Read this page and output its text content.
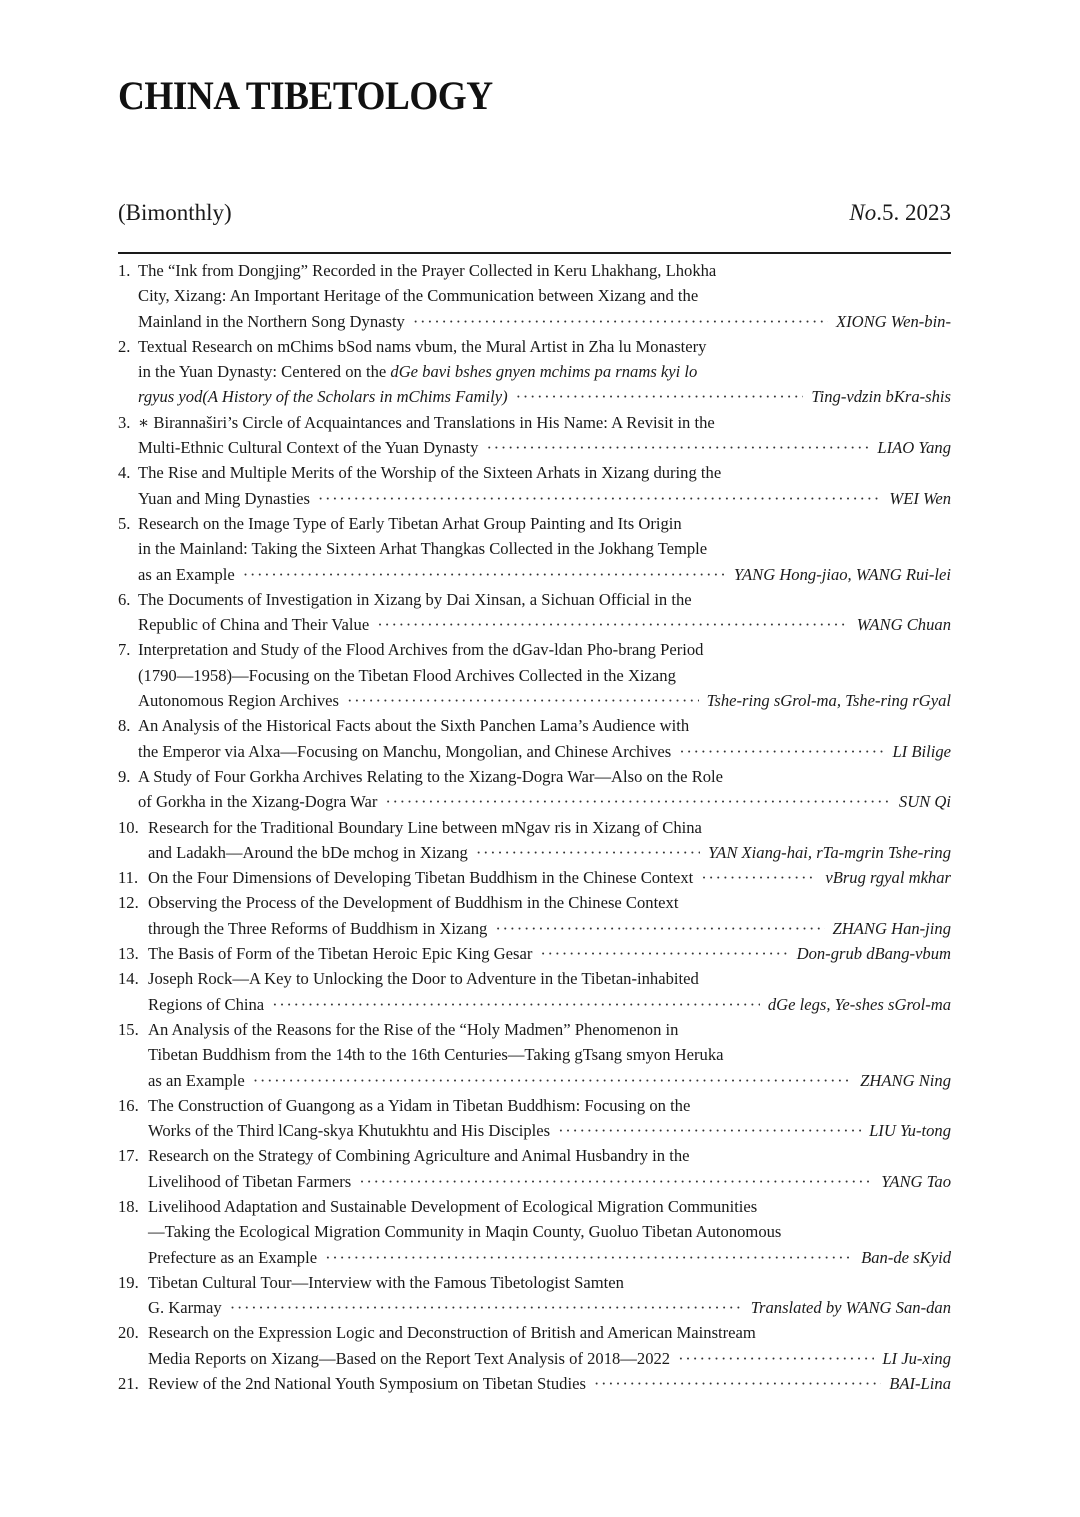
CHINA TIBETOLOGY
(Bimonthly)	No.5. 2023
1. The “Ink from Dongjing” Recorded in the Prayer Collected in Keru Lhakhang, Lhokha
City, Xizang: An Important Heritage of the Communication between Xizang and the
Mainland in the Northern Song Dynasty ·····	XIONG Wen-bin-
2. Textual Research on mChims bSod nams vbum, the Mural Artist in Zha lu Monastery
in the Yuan Dynasty: Centered on the dGe bavi bshes gnyen mchims pa rnams kyi lo
rgyus yod(A History of the Scholars in mChims Family) ·····	Ting-vdzin bKra-shis
3. ∗ Birannaširi’s Circle of Acquaintances and Translations in His Name: A Revisit in the
Multi-Ethnic Cultural Context of the Yuan Dynasty ·····	LIAO Yang
4. The Rise and Multiple Merits of the Worship of the Sixteen Arhats in Xizang during the
Yuan and Ming Dynasties ·····	WEI Wen
5. Research on the Image Type of Early Tibetan Arhat Group Painting and Its Origin
in the Mainland: Taking the Sixteen Arhat Thangkas Collected in the Jokhang Temple
as an Example ·····	YANG Hong-jiao, WANG Rui-lei
6. The Documents of Investigation in Xizang by Dai Xinsan, a Sichuan Official in the
Republic of China and Their Value ·····	WANG Chuan
7. Interpretation and Study of the Flood Archives from the dGav-ldan Pho-brang Period
(1790—1958)—Focusing on the Tibetan Flood Archives Collected in the Xizang
Autonomous Region Archives ·····	Tshe-ring sGrol-ma, Tshe-ring rGyal
8. An Analysis of the Historical Facts about the Sixth Panchen Lama’s Audience with
the Emperor via Alxa—Focusing on Manchu, Mongolian, and Chinese Archives ·····	LI Bilige
9. A Study of Four Gorkha Archives Relating to the Xizang-Dogra War—Also on the Role
of Gorkha in the Xizang-Dogra War ·····	SUN Qi
10. Research for the Traditional Boundary Line between mNgav ris in Xizang of China
and Ladakh—Around the bDe mchog in Xizang ·····	YAN Xiang-hai, rTa-mgrin Tshe-ring
11. On the Four Dimensions of Developing Tibetan Buddhism in the Chinese Context ·····	vBrug rgyal mkhar
12. Observing the Process of the Development of Buddhism in the Chinese Context
through the Three Reforms of Buddhism in Xizang ·····	ZHANG Han-jing
13. The Basis of Form of the Tibetan Heroic Epic King Gesar ·····	Don-grub dBang-vbum
14. Joseph Rock—A Key to Unlocking the Door to Adventure in the Tibetan-inhabited
Regions of China ·····	dGe legs, Ye-shes sGrol-ma
15. An Analysis of the Reasons for the Rise of the “Holy Madmen” Phenomenon in
Tibetan Buddhism from the 14th to the 16th Centuries—Taking gTsang smyon Heruka
as an Example ·····	ZHANG Ning
16. The Construction of Guangong as a Yidam in Tibetan Buddhism: Focusing on the
Works of the Third lCang-skya Khutukhtu and His Disciples ·····	LIU Yu-tong
17. Research on the Strategy of Combining Agriculture and Animal Husbandry in the
Livelihood of Tibetan Farmers ·····	YANG Tao
18. Livelihood Adaptation and Sustainable Development of Ecological Migration Communities
—Taking the Ecological Migration Community in Maqin County, Guoluo Tibetan Autonomous
Prefecture as an Example ·····	Ban-de sKyid
19. Tibetan Cultural Tour—Interview with the Famous Tibetologist Samten
G. Karmay ·····	Translated by WANG San-dan
20. Research on the Expression Logic and Deconstruction of British and American Mainstream
Media Reports on Xizang—Based on the Report Text Analysis of 2018—2022 ·····	LI Ju-xing
21. Review of the 2nd National Youth Symposium on Tibetan Studies ·····	BAI-Lina
